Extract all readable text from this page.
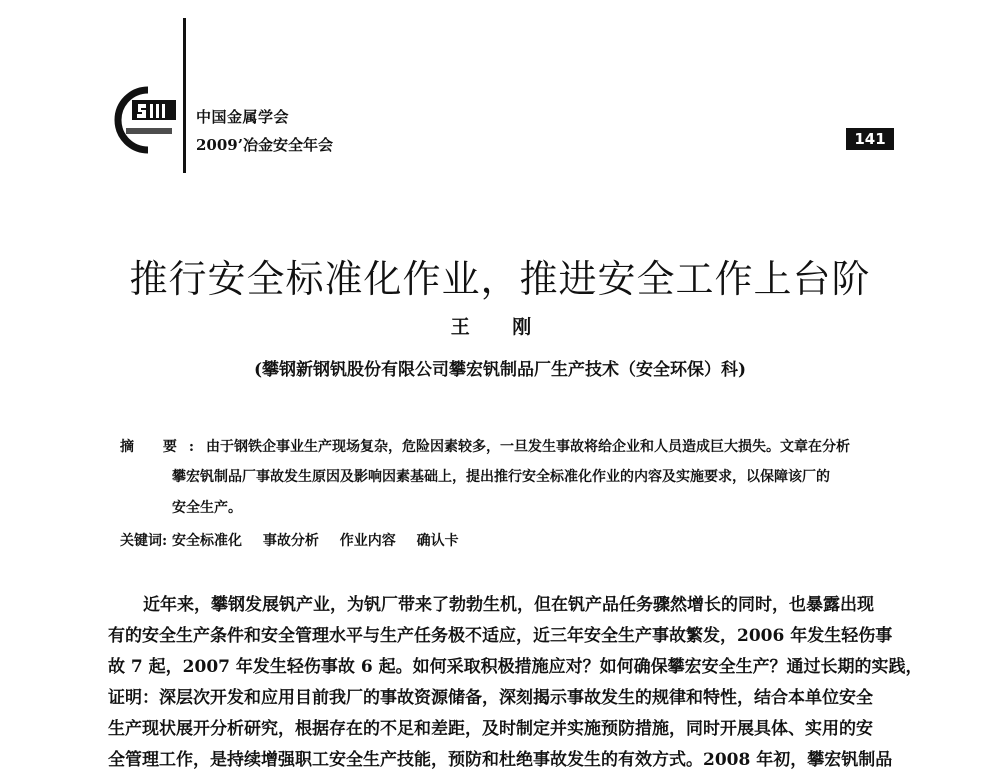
中国金属学会
2009’冶金安全年会	141
推行安全标准化作业，推进安全工作上台阶
王 刚
(攀钢新钢钒股份有限公司攀宏钒制品厂生产技术（安全环保）科)
摘 要:由于钢铁企事业生产现场复杂，危险因素较多，一旦发生事故将给企业和人员造成巨大损失。文章在分析
攀宏钒制品厂事故发生原因及影响因素基础上，提出推行安全标准化作业的内容及实施要求，以保障该厂的
安全生产。
关键词: 安全标准化 事故分析 作业内容 确认卡
近年来，攀钢发展钒产业，为钒厂带来了勃勃生机，但在钒产品任务骤然增长的同时，也暴露出现
有的安全生产条件和安全管理水平与生产任务极不适应，近三年安全生产事故繁发，2006 年发生轻伤事
故 7 起，2007 年发生轻伤事故 6 起。如何采取积极措施应对？如何确保攀宏安全生产？通过长期的实践，
证明：深层次开发和应用目前我厂的事故资源储备，深刻揭示事故发生的规律和特性，结合本单位安全
生产现状展开分析研究，根据存在的不足和差距，及时制定并实施预防措施，同时开展具体、实用的安
全管理工作，是持续增强职工安全生产技能，预防和杜绝事故发生的有效方式。2008 年初，攀宏钒制品
